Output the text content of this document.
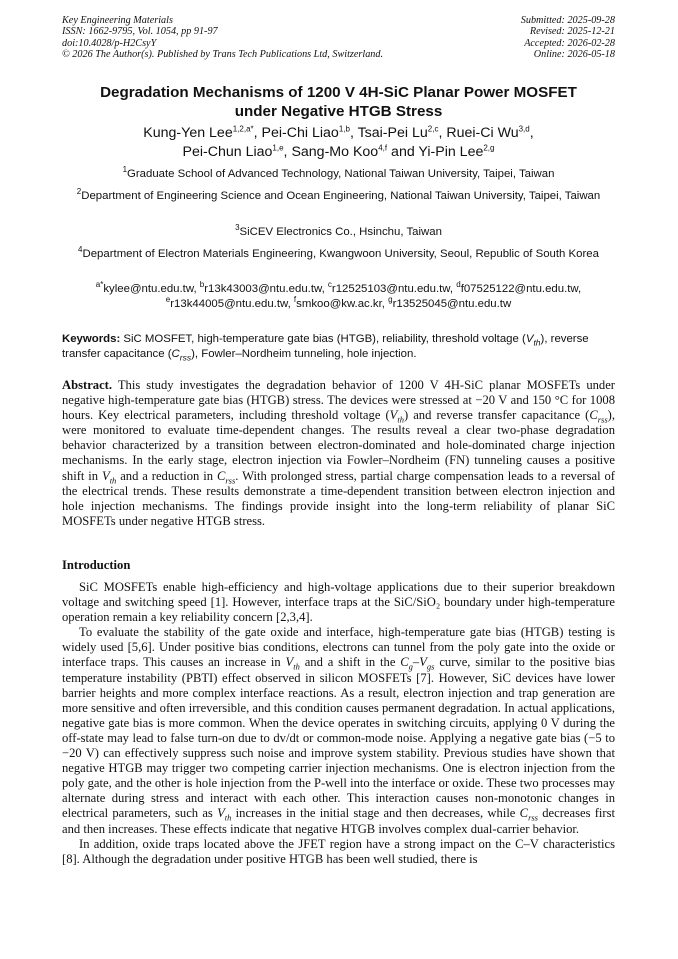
Key Engineering Materials
ISSN: 1662-9795, Vol. 1054, pp 91-97
doi:10.4028/p-H2CsyY
© 2026 The Author(s). Published by Trans Tech Publications Ltd, Switzerland.
Submitted: 2025-09-28
Revised: 2025-12-21
Accepted: 2026-02-28
Online: 2026-05-18
Degradation Mechanisms of 1200 V 4H-SiC Planar Power MOSFET
under Negative HTGB Stress
Kung-Yen Lee$^{1,2,a*}$, Pei-Chi Liao$^{1,b}$, Tsai-Pei Lu$^{2,c}$, Ruei-Ci Wu$^{3,d}$,
Pei-Chun Liao$^{1,e}$, Sang-Mo Koo$^{4,f}$ and Yi-Pin Lee$^{2,g}$
$^1$Graduate School of Advanced Technology, National Taiwan University, Taipei, Taiwan
$^2$Department of Engineering Science and Ocean Engineering, National Taiwan University, Taipei, Taiwan
$^3$SiCEV Electronics Co., Hsinchu, Taiwan
$^4$Department of Electron Materials Engineering, Kwangwoon University, Seoul, Republic of South Korea
$^{a*}$kylee@ntu.edu.tw, $^b$r13k43003@ntu.edu.tw, $^c$r12525103@ntu.edu.tw, $^d$f07525122@ntu.edu.tw,
$^e$r13k44005@ntu.edu.tw, $^f$smkoo@kw.ac.kr, $^g$r13525045@ntu.edu.tw
Keywords: SiC MOSFET, high-temperature gate bias (HTGB), reliability, threshold voltage $(V_{th})$, reverse transfer capacitance $(C_{rss})$, Fowler–Nordheim tunneling, hole injection.
Abstract. This study investigates the degradation behavior of 1200 V 4H-SiC planar MOSFETs under negative high-temperature gate bias (HTGB) stress. The devices were stressed at −20 V and 150 °C for 1008 hours. Key electrical parameters, including threshold voltage $(V_{th})$ and reverse transfer capacitance $(C_{rss})$, were monitored to evaluate time-dependent changes. The results reveal a clear two-phase degradation behavior characterized by a transition between electron-dominated and hole-dominated charge injection mechanisms. In the early stage, electron injection via Fowler–Nordheim (FN) tunneling causes a positive shift in $V_{th}$ and a reduction in $C_{rss}$. With prolonged stress, partial charge compensation leads to a reversal of the electrical trends. These results demonstrate a time-dependent transition between electron injection and hole injection mechanisms. The findings provide insight into the long-term reliability of planar SiC MOSFETs under negative HTGB stress.
Introduction

SiC MOSFETs enable high-efficiency and high-voltage applications due to their superior breakdown voltage and switching speed [1]. However, interface traps at the SiC/SiO₂ boundary under high-temperature operation remain a key reliability concern [2,3,4].

To evaluate the stability of the gate oxide and interface, high-temperature gate bias (HTGB) testing is widely used [5,6]. Under positive bias conditions, electrons can tunnel from the poly gate into the oxide or interface traps. This causes an increase in $V_{th}$ and a shift in the $C_g-V_{gs}$ curve, similar to the positive bias temperature instability (PBTI) effect observed in silicon MOSFETs [7]. However, SiC devices have lower barrier heights and more complex interface reactions. As a result, electron injection and trap generation are more sensitive and often irreversible, and this condition causes permanent degradation. In actual applications, negative gate bias is more common. When the device operates in switching circuits, applying 0 V during the off-state may lead to false turn-on due to dv/dt or common-mode noise. Applying a negative gate bias (−5 to −20 V) can effectively suppress such noise and improve system stability. Previous studies have shown that negative HTGB may trigger two competing carrier injection mechanisms. One is electron injection from the poly gate, and the other is hole injection from the P-well into the interface or oxide. These two processes may alternate during stress and interact with each other. This interaction causes non-monotonic changes in electrical parameters, such as $V_{th}$ increases in the initial stage and then decreases, while $C_{rss}$ decreases first and then increases. These effects indicate that negative HTGB involves complex dual-carrier behavior.

In addition, oxide traps located above the JFET region have a strong impact on the C–V characteristics [8]. Although the degradation under positive HTGB has been well studied, there is
